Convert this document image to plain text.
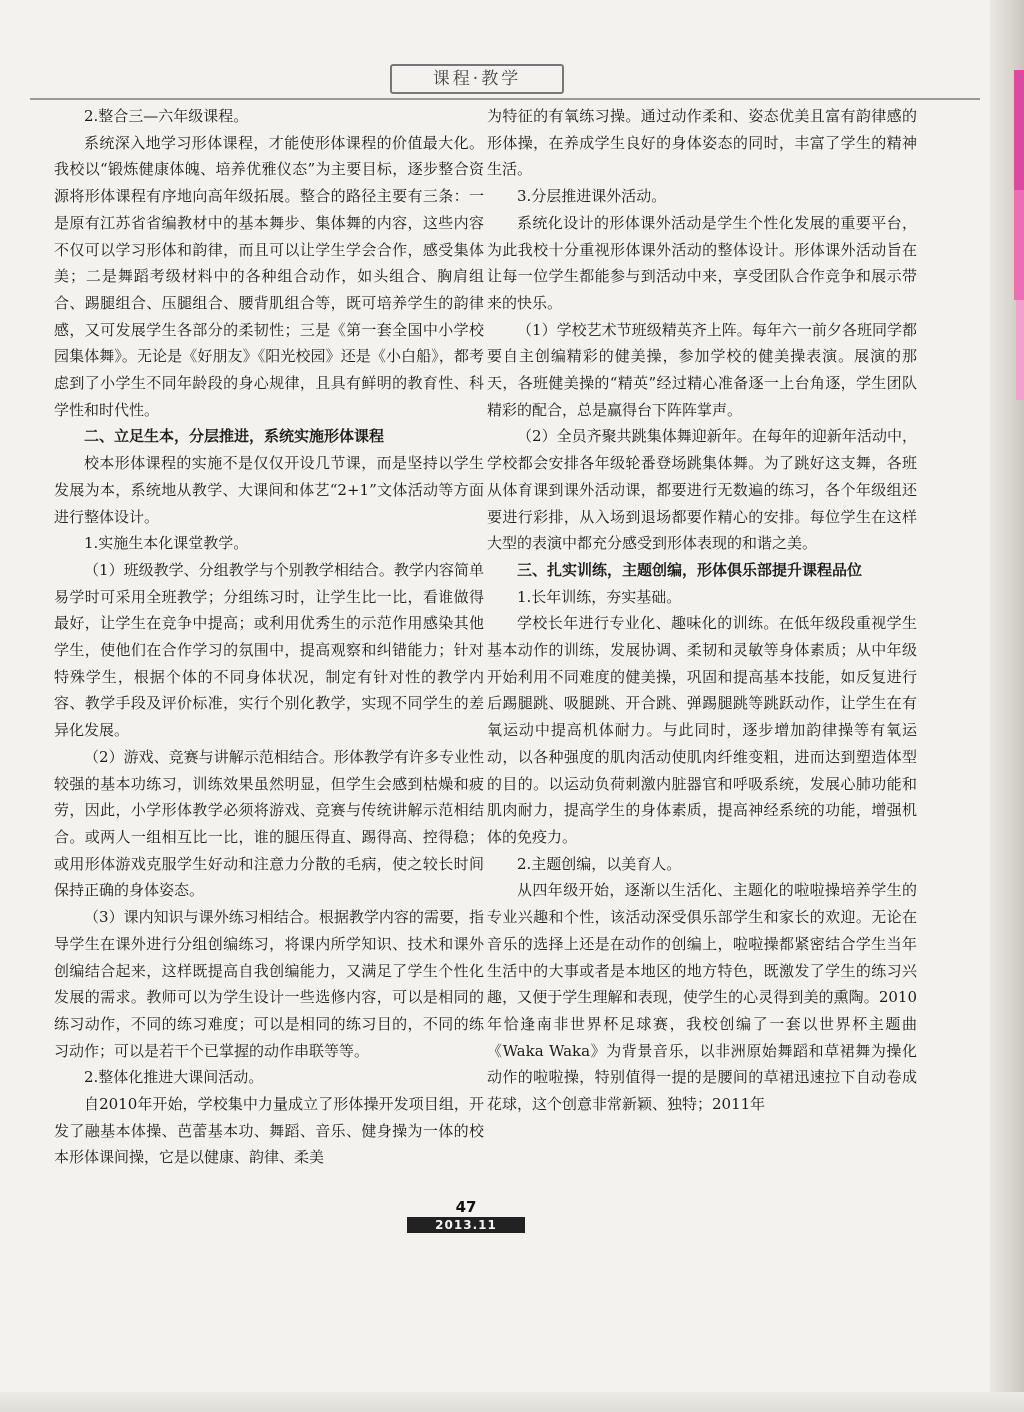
课程·教学

2.整合三—六年级课程。

系统深入地学习形体课程，才能使形体课程的价值最大化。我校以“锻炼健康体魄、培养优雅仪态”为主要目标，逐步整合资源将形体课程有序地向高年级拓展。整合的路径主要有三条：一是原有江苏省省编教材中的基本舞步、集体舞的内容，这些内容不仅可以学习形体和韵律，而且可以让学生学会合作，感受集体美；二是舞蹈考级材料中的各种组合动作，如头组合、胸肩组合、踢腿组合、压腿组合、腰背肌组合等，既可培养学生的韵律感，又可发展学生各部分的柔韧性；三是《第一套全国中小学校园集体舞》。无论是《好朋友》《阳光校园》还是《小白船》，都考虑到了小学生不同年龄段的身心规律，且具有鲜明的教育性、科学性和时代性。

二、立足生本，分层推进，系统实施形体课程

校本形体课程的实施不是仅仅开设几节课，而是坚持以学生发展为本，系统地从教学、大课间和体艺“2+1”文体活动等方面进行整体设计。

1.实施生本化课堂教学。

（1）班级教学、分组教学与个别教学相结合。教学内容简单易学时可采用全班教学；分组练习时，让学生比一比，看谁做得最好，让学生在竞争中提高；或利用优秀生的示范作用感染其他学生，使他们在合作学习的氛围中，提高观察和纠错能力；针对特殊学生，根据个体的不同身体状况，制定有针对性的教学内容、教学手段及评价标准，实行个别化教学，实现不同学生的差异化发展。

（2）游戏、竞赛与讲解示范相结合。形体教学有许多专业性较强的基本功练习，训练效果虽然明显，但学生会感到枯燥和疲劳，因此，小学形体教学必须将游戏、竞赛与传统讲解示范相结合。或两人一组相互比一比，谁的腿压得直、踢得高、控得稳；或用形体游戏克服学生好动和注意力分散的毛病，使之较长时间保持正确的身体姿态。

（3）课内知识与课外练习相结合。根据教学内容的需要，指导学生在课外进行分组创编练习，将课内所学知识、技术和课外创编结合起来，这样既提高自我创编能力，又满足了学生个性化发展的需求。教师可以为学生设计一些选修内容，可以是相同的练习动作，不同的练习难度；可以是相同的练习目的，不同的练习动作；可以是若干个已掌握的动作串联等等。

2.整体化推进大课间活动。

自2010年开始，学校集中力量成立了形体操开发项目组，开发了融基本体操、芭蕾基本功、舞蹈、音乐、健身操为一体的校本形体课间操，它是以健康、韵律、柔美

为特征的有氧练习操。通过动作柔和、姿态优美且富有韵律感的形体操，在养成学生良好的身体姿态的同时，丰富了学生的精神生活。

3.分层推进课外活动。

系统化设计的形体课外活动是学生个性化发展的重要平台，为此我校十分重视形体课外活动的整体设计。形体课外活动旨在让每一位学生都能参与到活动中来，享受团队合作竞争和展示带来的快乐。

（1）学校艺术节班级精英齐上阵。每年六一前夕各班同学都要自主创编精彩的健美操，参加学校的健美操表演。展演的那天，各班健美操的“精英”经过精心准备逐一上台角逐，学生团队精彩的配合，总是赢得台下阵阵掌声。

（2）全员齐聚共跳集体舞迎新年。在每年的迎新年活动中，学校都会安排各年级轮番登场跳集体舞。为了跳好这支舞，各班从体育课到课外活动课，都要进行无数遍的练习，各个年级组还要进行彩排，从入场到退场都要作精心的安排。每位学生在这样大型的表演中都充分感受到形体表现的和谐之美。

三、扎实训练，主题创编，形体俱乐部提升课程品位

1.长年训练，夯实基础。

学校长年进行专业化、趣味化的训练。在低年级段重视学生基本动作的训练，发展协调、柔韧和灵敏等身体素质；从中年级开始利用不同难度的健美操，巩固和提高基本技能，如反复进行后踢腿跳、吸腿跳、开合跳、弹踢腿跳等跳跃动作，让学生在有氧运动中提高机体耐力。与此同时，逐步增加韵律操等有氧运动，以各种强度的肌肉活动使肌肉纤维变粗，进而达到塑造体型的目的。以运动负荷刺激内脏器官和呼吸系统，发展心肺功能和肌肉耐力，提高学生的身体素质，提高神经系统的功能，增强机体的免疫力。

2.主题创编，以美育人。

从四年级开始，逐渐以生活化、主题化的啦啦操培养学生的专业兴趣和个性，该活动深受俱乐部学生和家长的欢迎。无论在音乐的选择上还是在动作的创编上，啦啦操都紧密结合学生当年生活中的大事或者是本地区的地方特色，既激发了学生的练习兴趣，又便于学生理解和表现，使学生的心灵得到美的熏陶。2010年恰逢南非世界杯足球赛，我校创编了一套以世界杯主题曲《Waka Waka》为背景音乐，以非洲原始舞蹈和草裙舞为操化动作的啦啦操，特别值得一提的是腰间的草裙迅速拉下自动卷成花球，这个创意非常新颖、独特；2011年

47
2013.11
